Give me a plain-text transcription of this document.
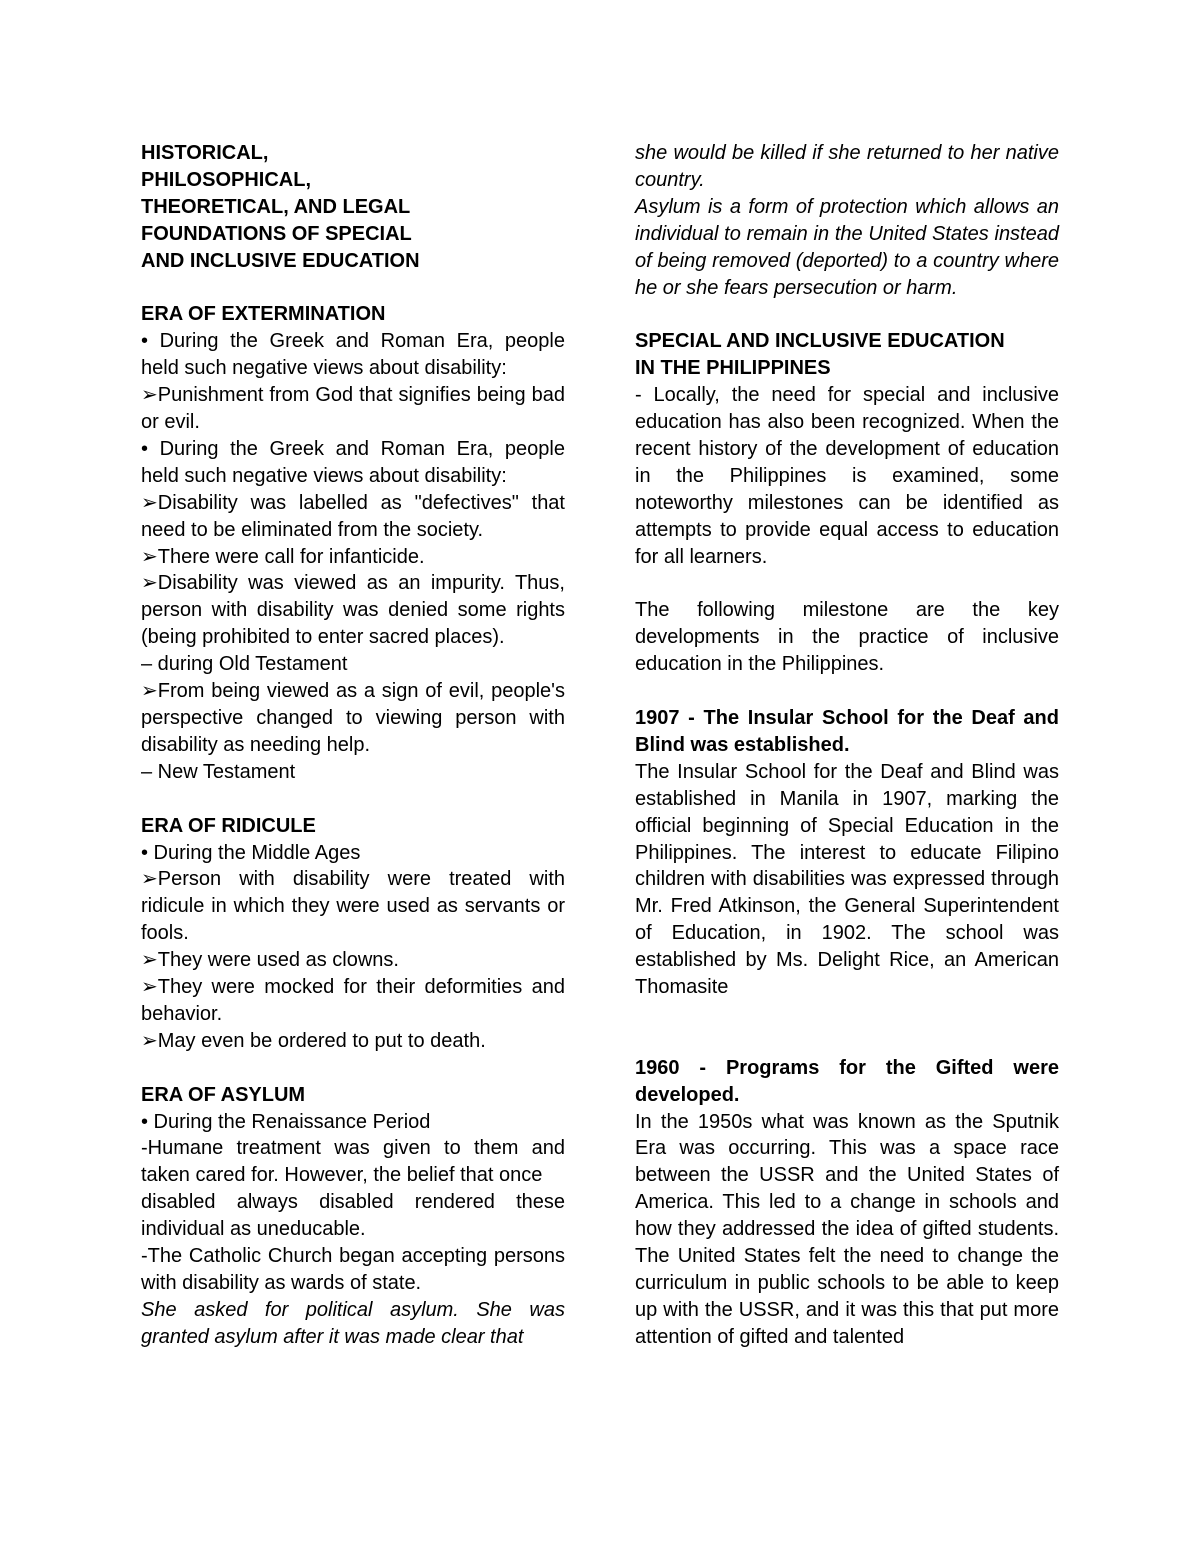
HISTORICAL,

PHILOSOPHICAL,

THEORETICAL, AND LEGAL

FOUNDATIONS OF SPECIAL

AND INCLUSIVE EDUCATION

ERA OF EXTERMINATION

• During the Greek and Roman Era, people held such negative views about disability:

➢Punishment from God that signifies being bad or evil.

• During the Greek and Roman Era, people held such negative views about disability:

➢Disability was labelled as "defectives" that need to be eliminated from the society.

➢There were call for infanticide.

➢Disability was viewed as an impurity. Thus, person with disability was denied some rights (being prohibited to enter sacred places).

– during Old Testament

➢From being viewed as a sign of evil, people's perspective changed to viewing person with disability as needing help.

– New Testament

ERA OF RIDICULE

• During the Middle Ages

➢Person with disability were treated with ridicule in which they were used as servants or fools.

➢They were used as clowns.

➢They were mocked for their deformities and behavior.

➢May even be ordered to put to death.

ERA OF ASYLUM

• During the Renaissance Period

-Humane treatment was given to them and taken cared for. However, the belief that once

disabled always disabled rendered these individual as uneducable.

-The Catholic Church began accepting persons with disability as wards of state.

She asked for political asylum. She was granted asylum after it was made clear that

she would be killed if she returned to her native country.

Asylum is a form of protection which allows an individual to remain in the United States instead of being removed (deported) to a country where he or she fears persecution or harm.

SPECIAL AND INCLUSIVE EDUCATION

IN THE PHILIPPINES

- Locally, the need for special and inclusive education has also been recognized. When the recent history of the development of education in the Philippines is examined, some noteworthy milestones can be identified as attempts to provide equal access to education for all learners.

The following milestone are the key developments in the practice of inclusive education in the Philippines.

1907 - The Insular School for the Deaf and Blind was established.

The Insular School for the Deaf and Blind was established in Manila in 1907, marking the official beginning of Special Education in the Philippines. The interest to educate Filipino children with disabilities was expressed through Mr. Fred Atkinson, the General Superintendent of Education, in 1902. The school was established by Ms. Delight Rice, an American Thomasite

1960 - Programs for the Gifted were developed.

In the 1950s what was known as the Sputnik Era was occurring. This was a space race between the USSR and the United States of America. This led to a change in schools and how they addressed the idea of gifted students. The United States felt the need to change the curriculum in public schools to be able to keep up with the USSR, and it was this that put more attention of gifted and talented
